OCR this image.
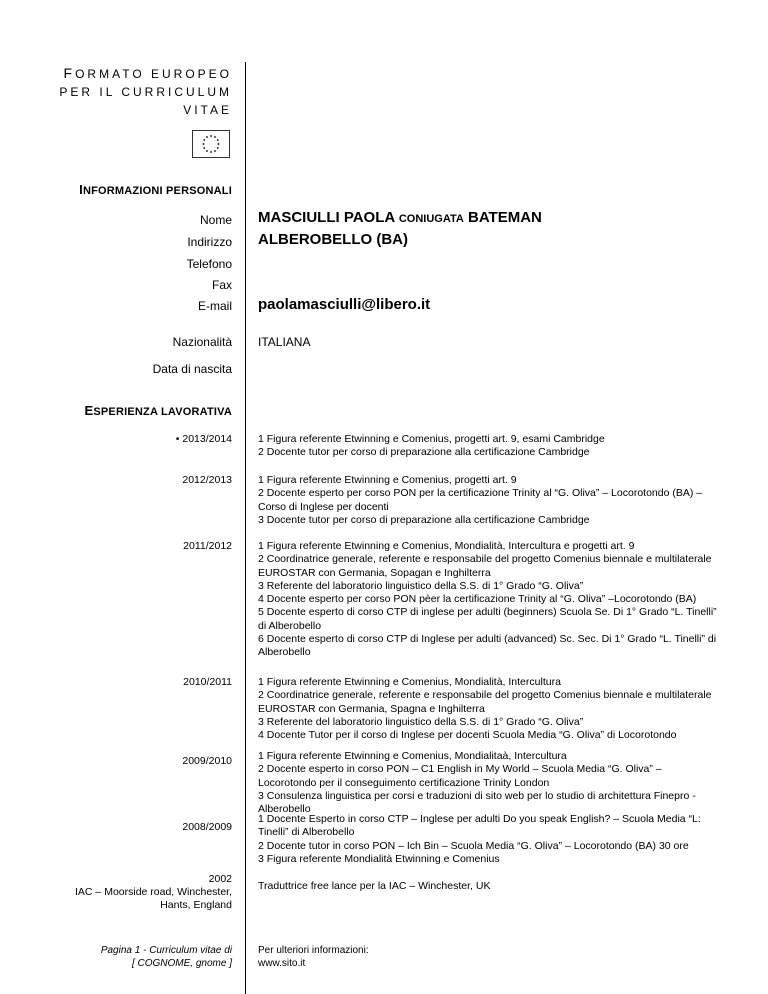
FORMATO EUROPEO
PER IL CURRICULUM
VITAE
INFORMAZIONI PERSONALI
Nome MASCIULLI PAOLA CONIUGATA BATEMAN
Indirizzo ALBEROBELLO (BA)
Telefono
Fax
E-mail paolamasciulli@libero.it
Nazionalità ITALIANA
Data di nascita
ESPERIENZA LAVORATIVA
• 2013/2014 1 Figura referente Etwinning e Comenius, progetti art. 9, esami Cambridge
2 Docente tutor per corso di preparazione alla certificazione Cambridge
2012/2013 1 Figura referente Etwinning e Comenius, progetti art. 9
2 Docente esperto per corso PON per la certificazione Trinity al “G. Oliva” – Locorotondo (BA) – Corso di Inglese per docenti
3 Docente tutor per corso di preparazione alla certificazione Cambridge
2011/2012 1 Figura referente Etwinning e Comenius, Mondialità, Intercultura e progetti art. 9
2 Coordinatrice generale, referente e responsabile del progetto Comenius biennale e multilaterale EUROSTAR con Germania, Sopagan e Inghilterra
3 Referente del laboratorio linguistico della S.S. di 1° Grado “G. Oliva”
4 Docente esperto per corso PON pèer la certificazione Trinity al “G. Oliva” –Locorotondo (BA)
5 Docente esperto di corso CTP di inglese per adulti (beginners) Scuola Se. Di 1° Grado “L. Tinelli” di Alberobello
6 Docente esperto di corso CTP di Inglese per adulti (advanced) Sc. Sec. Di 1° Grado “L. Tinelli” di Alberobello
2010/2011 1 Figura referente Etwinning e Comenius, Mondialità, Intercultura
2 Coordinatrice generale, referente e responsabile del progetto Comenius biennale e multilaterale EUROSTAR con Germania, Spagna e Inghilterra
3 Referente del laboratorio linguistico della S.S. di 1° Grado “G. Oliva”
4 Docente Tutor per il corso di Inglese per docenti Scuola Media “G. Oliva” di Locorotondo
2009/2010 1 Figura referente Etwinning e Comenius, Mondialitaà, Intercultura
2 Docente esperto in corso PON – C1 English in My World – Scuola Media “G. Oliva” – Locorotondo per il conseguimento certificazione Trinity London
3 Consulenza linguistica per corsi e traduzioni di sito web per lo studio di architettura Finepro - Alberobello
2008/2009
1 Docente Esperto in corso CTP – Inglese per adulti Do you speak English? – Scuola Media “L: Tinelli” di Alberobello
2 Docente tutor in corso PON – Ich Bin – Scuola Media “G. Oliva” – Locorotondo (BA) 30 ore
3 Figura referente Mondialità Etwinning e Comenius
2002
IAC – Moorside road, Winchester,
Hants, England
Traduttrice free lance per la IAC – Winchester, UK
Pagina 1 - Curriculum vitae di
[ COGNOME, gnome ]
Per ulteriori informazioni:
www.sito.it
